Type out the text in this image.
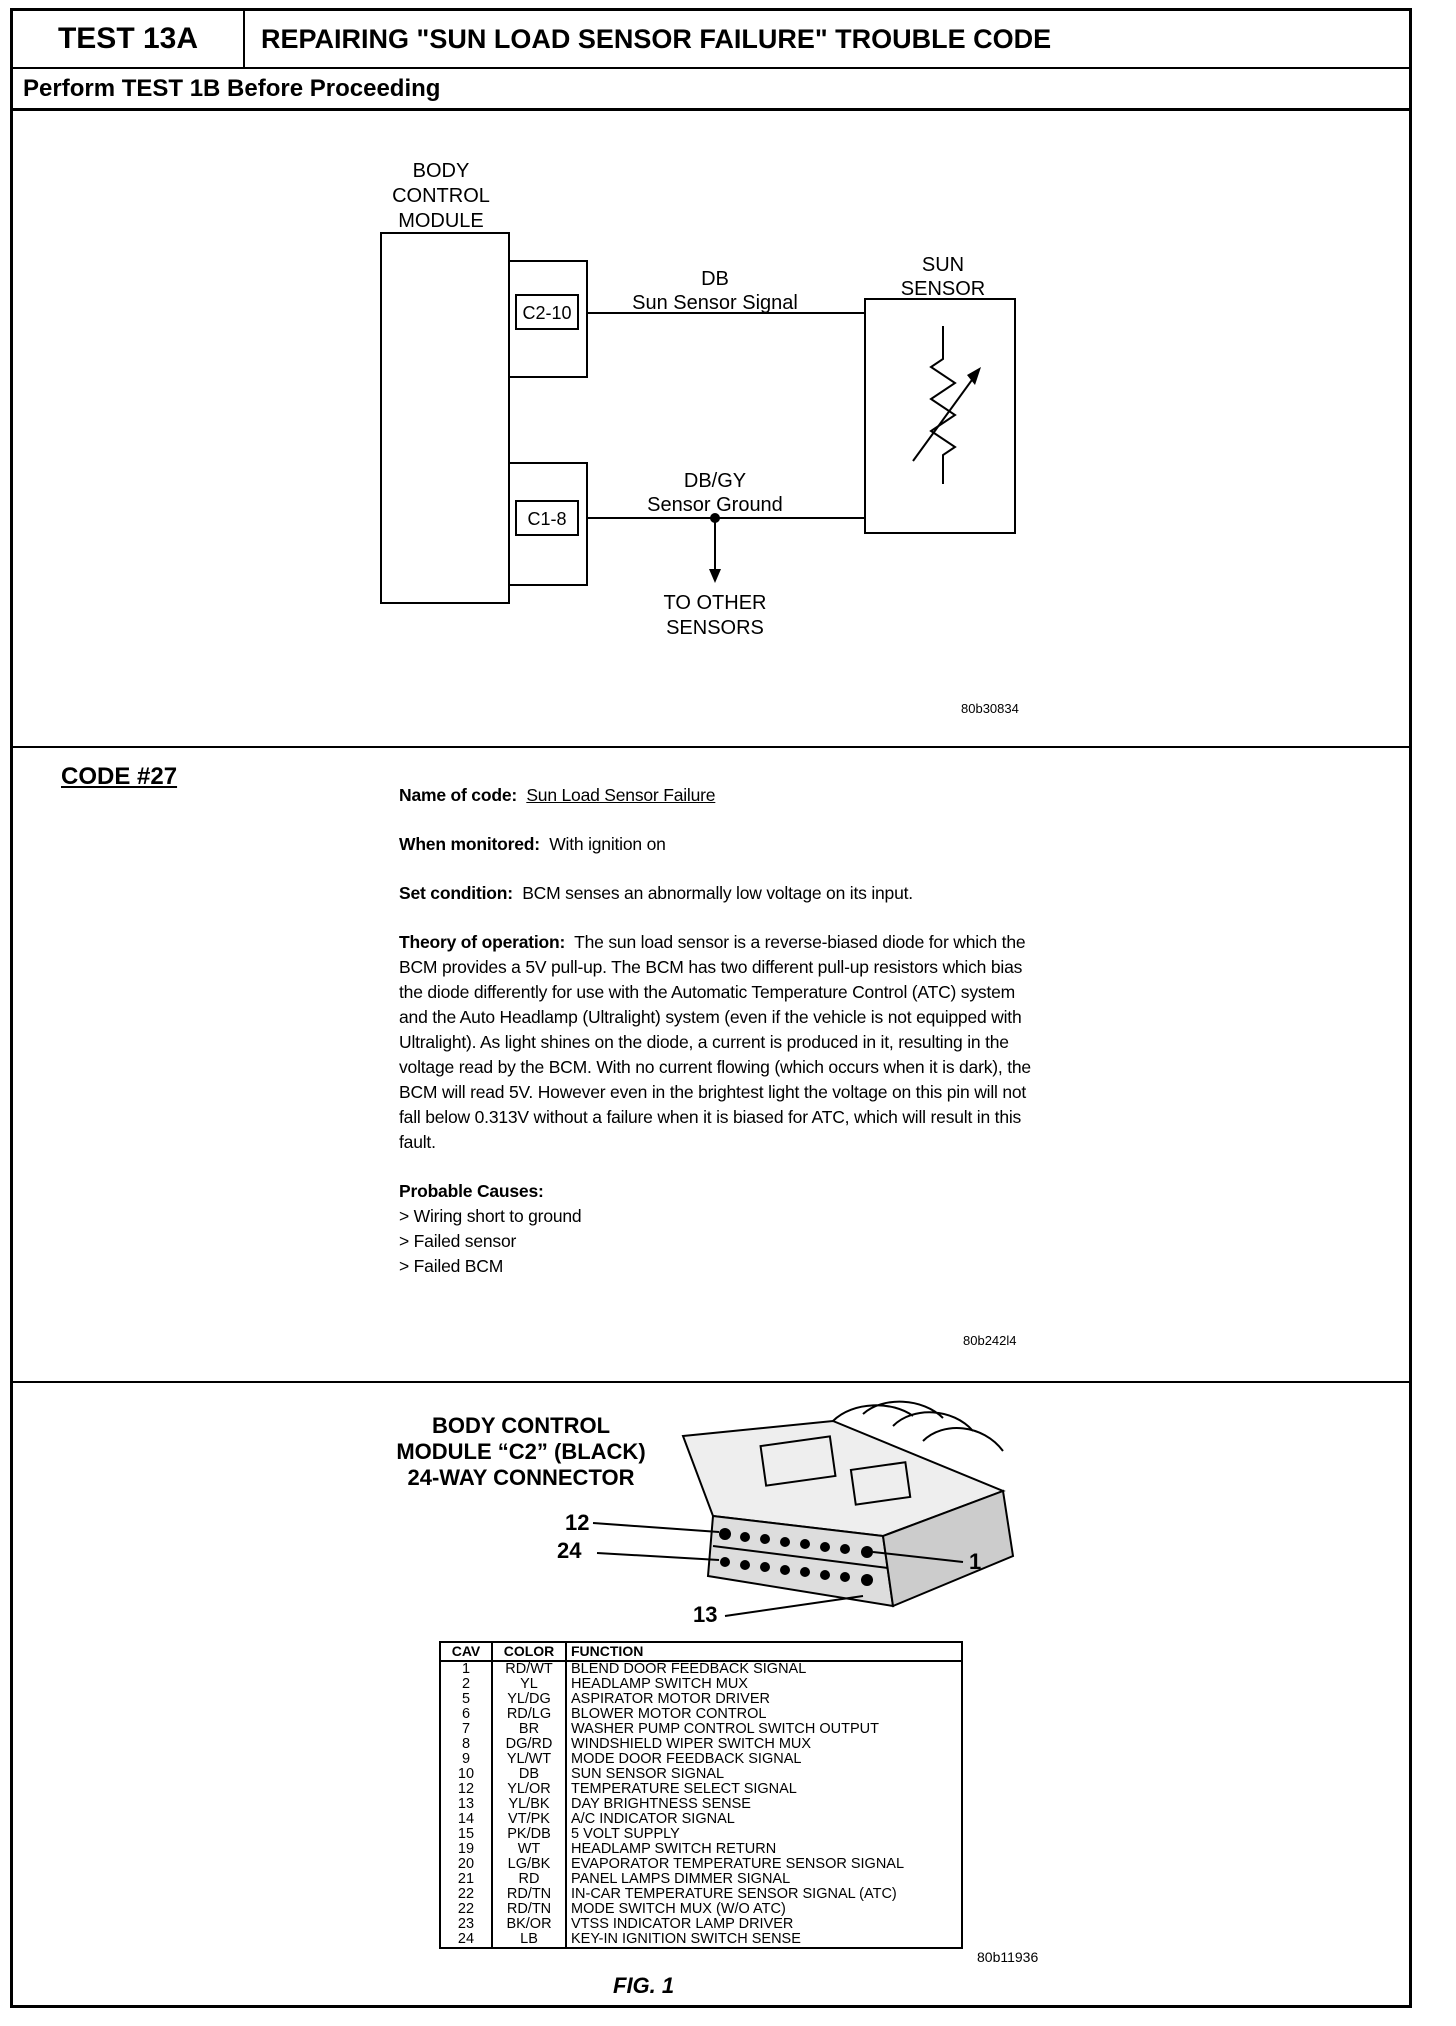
TEST 13A	REPAIRING "SUN LOAD SENSOR FAILURE" TROUBLE CODE
Perform TEST 1B Before Proceeding
BODY
CONTROL
MODULE
C2-10
C1-8
DB
Sun Sensor Signal
DB/GY
Sensor Ground
SUN
SENSOR
TO OTHER
SENSORS
80b30834
CODE #27

Name of code: Sun Load Sensor Failure

When monitored: With ignition on

Set condition: BCM senses an abnormally low voltage on its input.

Theory of operation: The sun load sensor is a reverse-biased diode for which the BCM provides a 5V pull-up. The BCM has two different pull-up resistors which bias the diode differently for use with the Automatic Temperature Control (ATC) system and the Auto Headlamp (Ultralight) system (even if the vehicle is not equipped with Ultralight). As light shines on the diode, a current is produced in it, resulting in the voltage read by the BCM. With no current flowing (which occurs when it is dark), the BCM will read 5V. However even in the brightest light the voltage on this pin will not fall below 0.313V without a failure when it is biased for ATC, which will result in this fault.

Probable Causes:
> Wiring short to ground
> Failed sensor
> Failed BCM
80b242l4
BODY CONTROL
MODULE “C2” (BLACK)
24-WAY CONNECTOR
12
24
13
1
CAV	COLOR	FUNCTION
1	RD/WT	BLEND DOOR FEEDBACK SIGNAL
2	YL	HEADLAMP SWITCH MUX
5	YL/DG	ASPIRATOR MOTOR DRIVER
6	RD/LG	BLOWER MOTOR CONTROL
7	BR	WASHER PUMP CONTROL SWITCH OUTPUT
8	DG/RD	WINDSHIELD WIPER SWITCH MUX
9	YL/WT	MODE DOOR FEEDBACK SIGNAL
10	DB	SUN SENSOR SIGNAL
12	YL/OR	TEMPERATURE SELECT SIGNAL
13	YL/BK	DAY BRIGHTNESS SENSE
14	VT/PK	A/C INDICATOR SIGNAL
15	PK/DB	5 VOLT SUPPLY
19	WT	HEADLAMP SWITCH RETURN
20	LG/BK	EVAPORATOR TEMPERATURE SENSOR SIGNAL
21	RD	PANEL LAMPS DIMMER SIGNAL
22	RD/TN	IN-CAR TEMPERATURE SENSOR SIGNAL (ATC)
22	RD/TN	MODE SWITCH MUX (W/O ATC)
23	BK/OR	VTSS INDICATOR LAMP DRIVER
24	LB	KEY-IN IGNITION SWITCH SENSE
80b11936
FIG. 1
